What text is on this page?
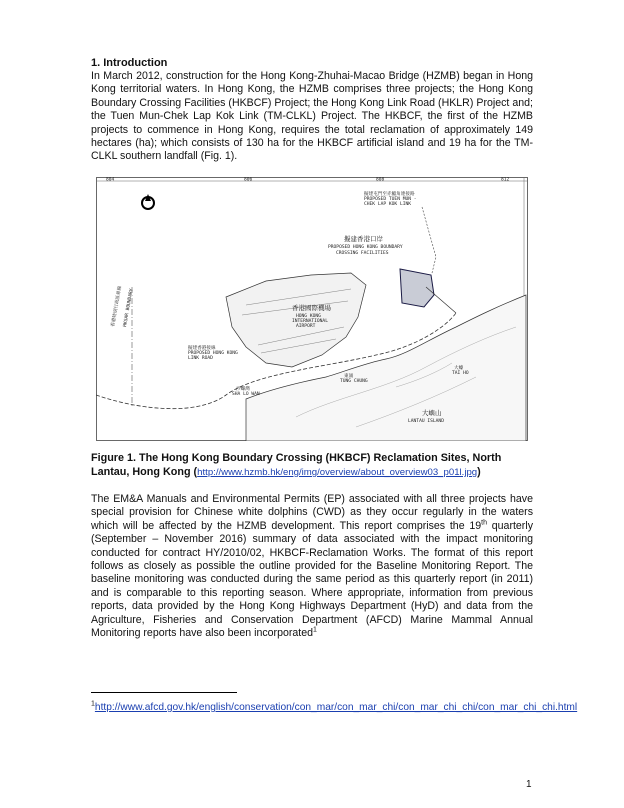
1. Introduction

In March 2012, construction for the Hong Kong-Zhuhai-Macao Bridge (HZMB) began in Hong Kong territorial waters. In Hong Kong, the HZMB comprises three projects; the Hong Kong Boundary Crossing Facilities (HKBCF) Project; the Hong Kong Link Road (HKLR) Project and; the Tuen Mun-Chek Lap Kok Link (TM-CLKL) Project. The HKBCF, the first of the HZMB projects to commence in Hong Kong, requires the total reclamation of approximately 149 hectares (ha); which consists of 130 ha for the HKBCF artificial island and 19 ha for the TM-CLKL southern landfall (Fig. 1).

804	806	808	812
香港國際機場
HONG KONG
INTERNATIONAL
AIRPORT
擬建香港口岸
PROPOSED HONG KONG BOUNDARY
CROSSING FACILITIES
擬建屯門至赤鱲角連接路
PROPOSED TUEN MUN -
CHEK LAP KOK LINK
擬建香港接線
PROPOSED HONG KONG
LINK ROAD
香港特別行政區界線 HKSAR BOUNDARY
東涌
TUNG CHUNG
沙螺灣
SHA LO WAN
大蠔
TAI HO
大嶼山
LANTAU ISLAND

Figure 1. The Hong Kong Boundary Crossing (HKBCF) Reclamation Sites, North Lantau, Hong Kong (http://www.hzmb.hk/eng/img/overview/about_overview03_p01l.jpg)

The EM&A Manuals and Environmental Permits (EP) associated with all three projects have special provision for Chinese white dolphins (CWD) as they occur regularly in the waters which will be affected by the HZMB development. This report comprises the 19th quarterly (September – November 2016) summary of data associated with the impact monitoring conducted for contract HY/2010/02, HKBCF-Reclamation Works. The format of this report follows as closely as possible the outline provided for the Baseline Monitoring Report. The baseline monitoring was conducted during the same period as this quarterly report (in 2011) and is comparable to this reporting season. Where appropriate, information from previous reports, data provided by the Hong Kong Highways Department (HyD) and data from the Agriculture, Fisheries and Conservation Department (AFCD) Marine Mammal Annual Monitoring reports have also been incorporated$^1$

$^1$http://www.afcd.gov.hk/english/conservation/con_mar/con_mar_chi/con_mar_chi_chi/con_mar_chi_chi.html

1
